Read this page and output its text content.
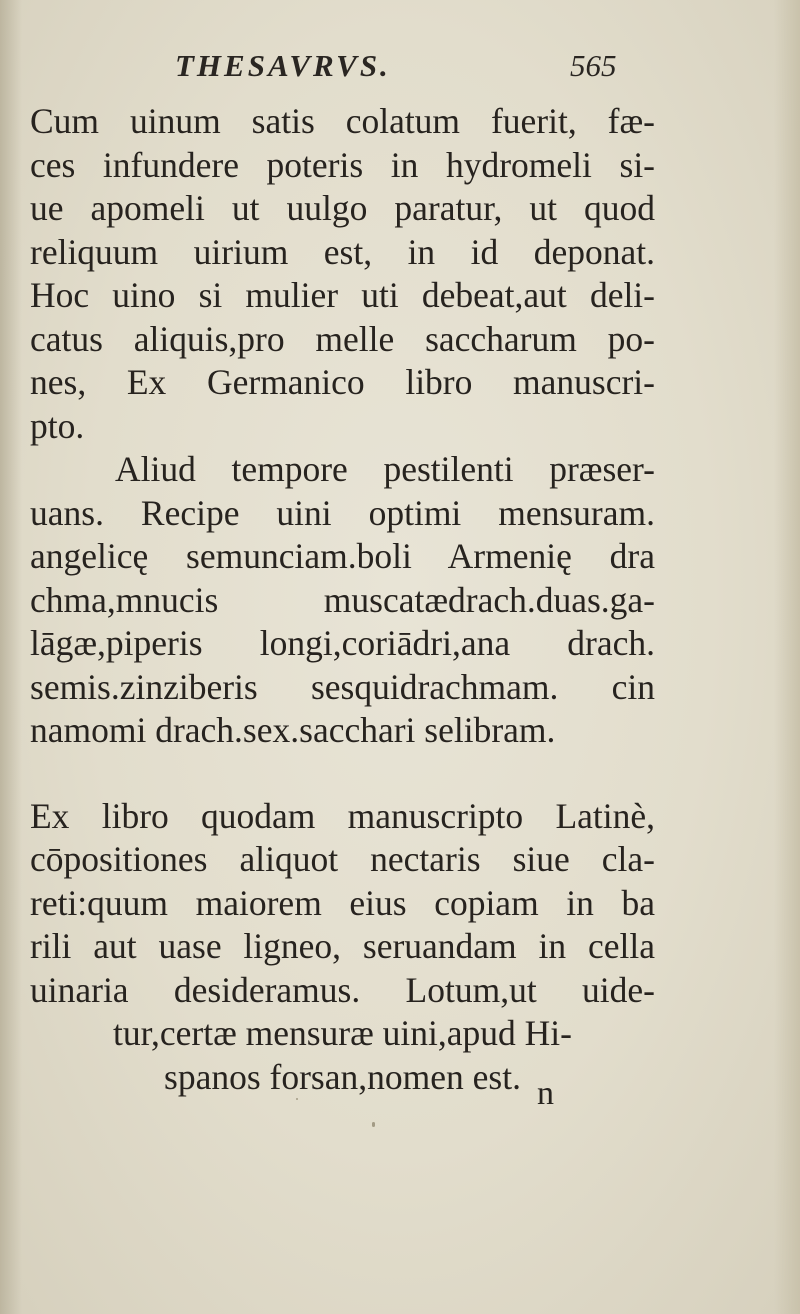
THESAVRVS.	565
Cum uinum satis colatum fuerit, fæ-
ces infundere poteris in hydromeli si-
ue apomeli ut uulgo paratur, ut quod
reliquum uirium est, in id deponat.
Hoc uino si mulier uti debeat,aut deli-
catus aliquis,pro melle saccharum po-
nes, Ex Germanico libro manuscri-
pto.
Aliud tempore pestilenti præser-
uans. Recipe uini optimi mensuram.
angelicę semunciam.boli Armenię dra
chma,mnucis muscatædrach.duas.ga-
lāgæ,piperis longi,coriādri,ana drach.
semis.zinziberis sesquidrachmam. cin
namomi drach.sex.sacchari selibram.
Ex libro quodam manuscripto Latinè,
cōpositiones aliquot nectaris siue cla-
reti:quum maiorem eius copiam in ba
rili aut uase ligneo, seruandam in cella
uinaria desideramus. Lotum,ut uide-
tur,certæ mensuræ uini,apud Hi-
spanos forsan,nomen est. n
